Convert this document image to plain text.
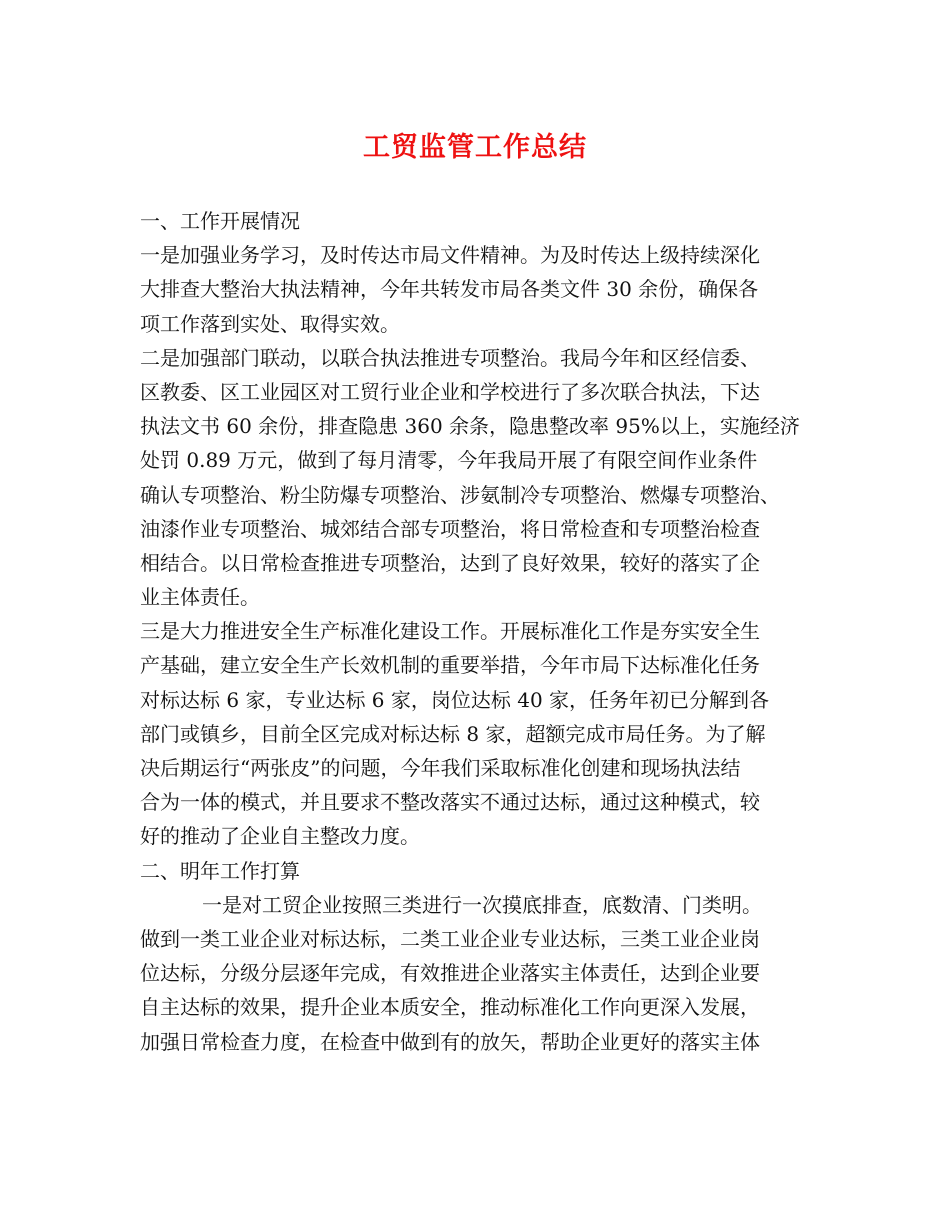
工贸监管工作总结
一、工作开展情况
一是加强业务学习，及时传达市局文件精神。为及时传达上级持续深化
大排查大整治大执法精神，今年共转发市局各类文件 30 余份，确保各
项工作落到实处、取得实效。
二是加强部门联动，以联合执法推进专项整治。我局今年和区经信委、
区教委、区工业园区对工贸行业企业和学校进行了多次联合执法，下达
执法文书 60 余份，排查隐患 360 余条，隐患整改率 95%以上，实施经济
处罚 0.89 万元，做到了每月清零，今年我局开展了有限空间作业条件
确认专项整治、粉尘防爆专项整治、涉氨制冷专项整治、燃爆专项整治、
油漆作业专项整治、城郊结合部专项整治，将日常检查和专项整治检查
相结合。以日常检查推进专项整治，达到了良好效果，较好的落实了企
业主体责任。
三是大力推进安全生产标准化建设工作。开展标准化工作是夯实安全生
产基础，建立安全生产长效机制的重要举措，今年市局下达标准化任务
对标达标 6 家，专业达标 6 家，岗位达标 40 家，任务年初已分解到各
部门或镇乡，目前全区完成对标达标 8 家，超额完成市局任务。为了解
决后期运行“两张皮”的问题，今年我们采取标准化创建和现场执法结
合为一体的模式，并且要求不整改落实不通过达标，通过这种模式，较
好的推动了企业自主整改力度。
二、明年工作打算
一是对工贸企业按照三类进行一次摸底排查，底数清、门类明。
做到一类工业企业对标达标，二类工业企业专业达标，三类工业企业岗
位达标，分级分层逐年完成，有效推进企业落实主体责任，达到企业要
自主达标的效果，提升企业本质安全，推动标准化工作向更深入发展，
加强日常检查力度，在检查中做到有的放矢，帮助企业更好的落实主体
